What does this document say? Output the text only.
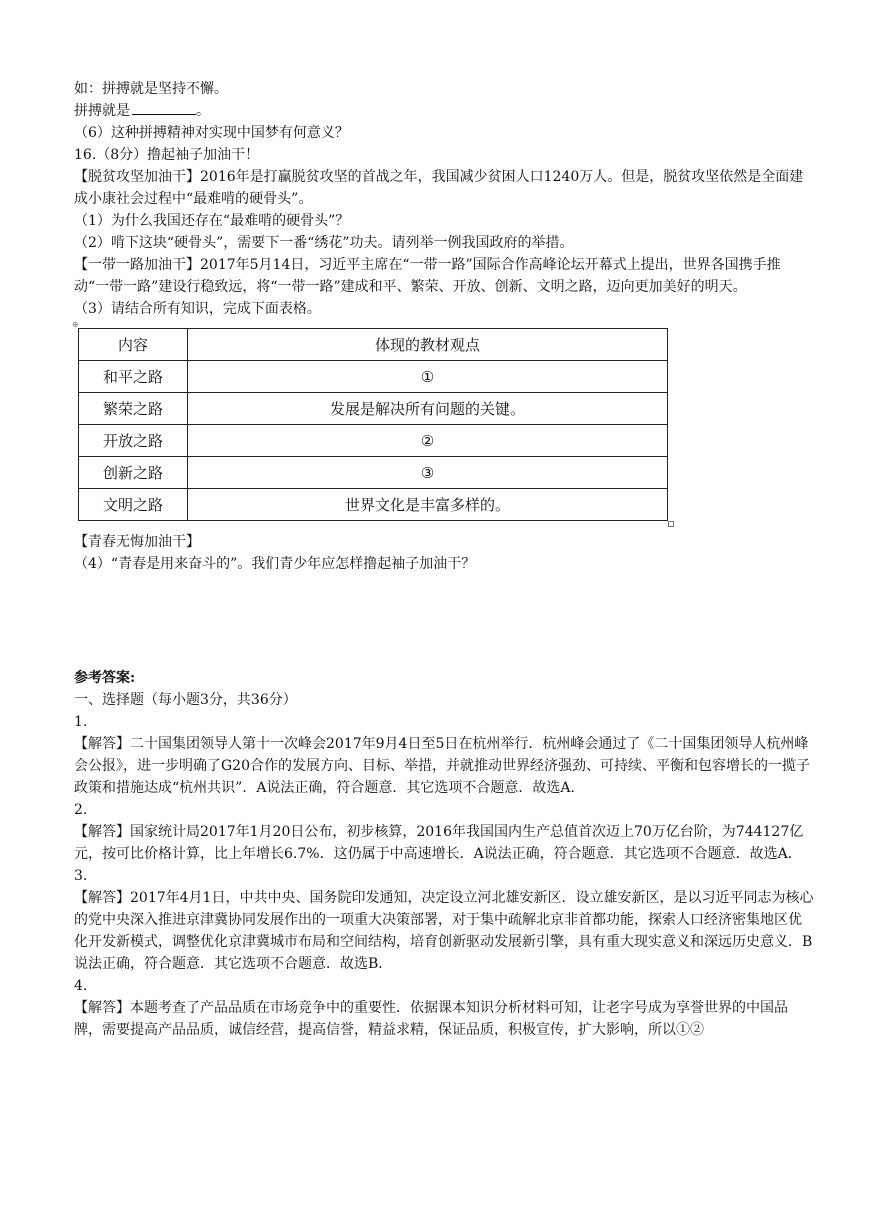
如：拼搏就是坚持不懈。

拼搏就是	。

（6）这种拼搏精神对实现中国梦有何意义？

16.（8分）撸起袖子加油干！

【脱贫攻坚加油干】2016年是打赢脱贫攻坚的首战之年，我国减少贫困人口1240万人。但是，脱贫攻坚依然是全面建成小康社会过程中“最难啃的硬骨头”。

（1）为什么我国还存在“最难啃的硬骨头”？

（2）啃下这块“硬骨头”，需要下一番“绣花”功夫。请列举一例我国政府的举措。

【一带一路加油干】2017年5月14日，习近平主席在“一带一路”国际合作高峰论坛开幕式上提出，世界各国携手推动“一带一路”建设行稳致远，将“一带一路”建成和平、繁荣、开放、创新、文明之路，迈向更加美好的明天。

（3）请结合所有知识，完成下面表格。

⊕
内容	体现的教材观点
和平之路	①
繁荣之路	发展是解决所有问题的关键。
开放之路	②
创新之路	③
文明之路	世界文化是丰富多样的。

【青春无悔加油干】

（4）“青春是用来奋斗的”。我们青少年应怎样撸起袖子加油干？

参考答案:

一、选择题（每小题3分，共36分）

1.

【解答】二十国集团领导人第十一次峰会2017年9月4日至5日在杭州举行．杭州峰会通过了《二十国集团领导人杭州峰会公报》，进一步明确了G20合作的发展方向、目标、举措，并就推动世界经济强劲、可持续、平衡和包容增长的一揽子政策和措施达成“杭州共识”．A说法正确，符合题意．其它选项不合题意．故选A．

2.

【解答】国家统计局2017年1月20日公布，初步核算，2016年我国国内生产总值首次迈上70万亿台阶，为744127亿元，按可比价格计算，比上年增长6.7%．这仍属于中高速增长．A说法正确，符合题意．其它选项不合题意．故选A．

3.

【解答】2017年4月1日，中共中央、国务院印发通知，决定设立河北雄安新区．设立雄安新区，是以习近平同志为核心的党中央深入推进京津冀协同发展作出的一项重大决策部署，对于集中疏解北京非首都功能，探索人口经济密集地区优化开发新模式，调整优化京津冀城市布局和空间结构，培育创新驱动发展新引擎，具有重大现实意义和深远历史意义．B说法正确，符合题意．其它选项不合题意．故选B．

4.

【解答】本题考查了产品品质在市场竞争中的重要性．依据课本知识分析材料可知，让老字号成为享誉世界的中国品牌，需要提高产品品质，诚信经营，提高信誉，精益求精，保证品质，积极宣传，扩大影响，所以①②
